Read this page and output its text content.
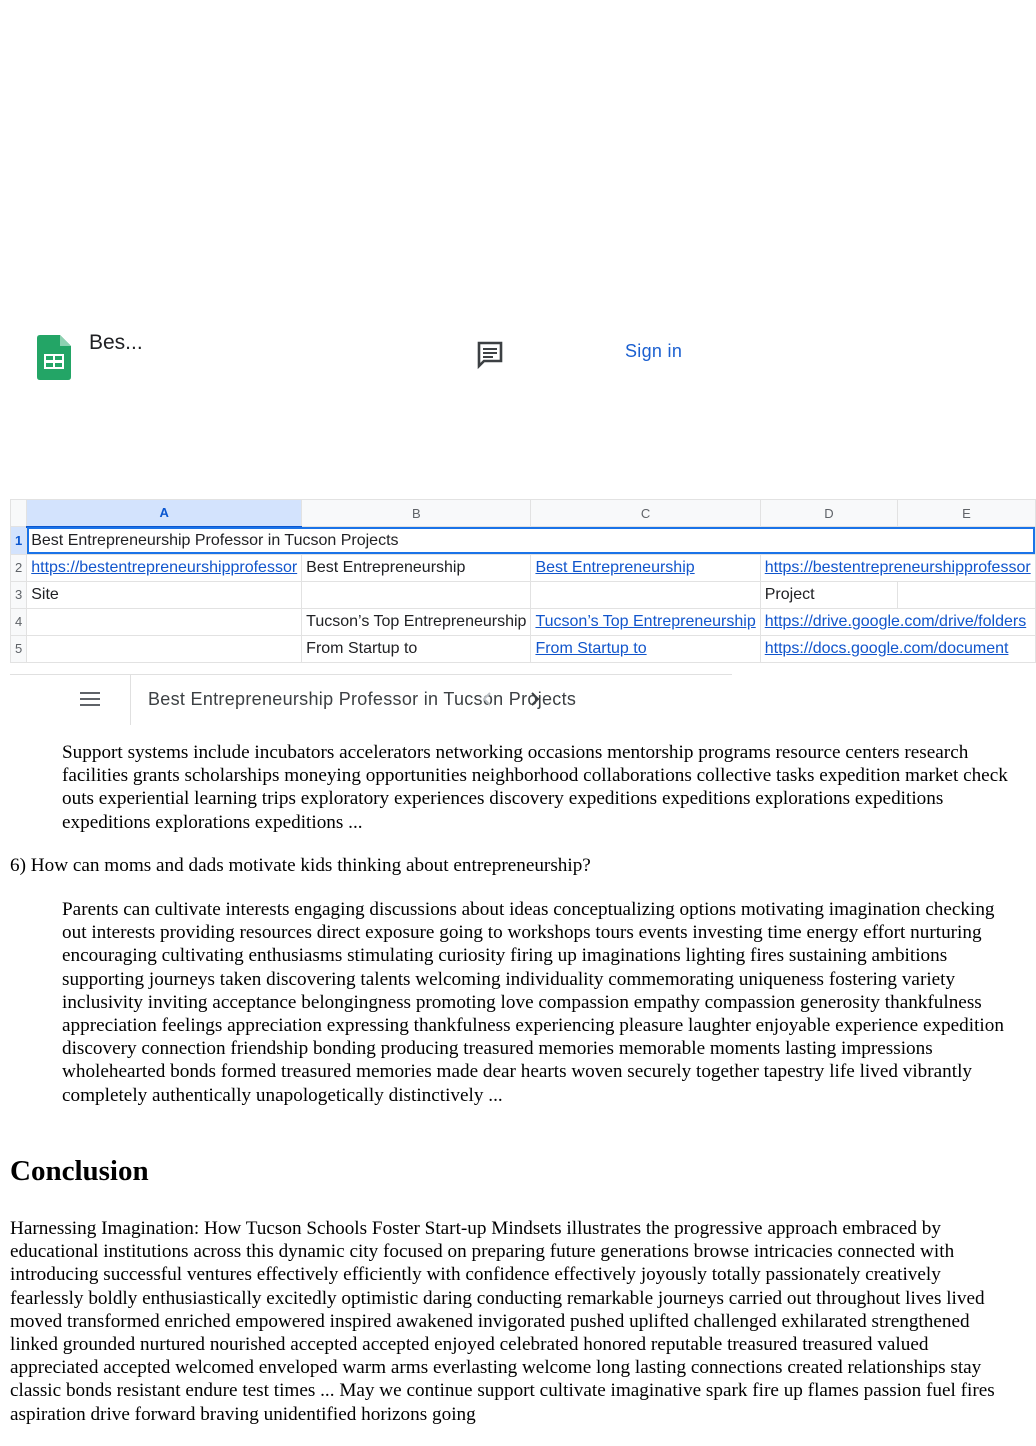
Bes...	Sign in
	A	B	C	D	E
1	Best Entrepreneurship Professor in Tucson Projects				
2	https://bestentrepreneurshipprofessor	Best Entrepreneurship	Best Entrepreneurship	https://bestentrepreneurshipprofessor	
3	Site			Project	
4		Tucson’s Top Entrepreneurship	Tucson’s Top Entrepreneurship	https://drive.google.com/drive/folders	
5		From Startup to	From Startup to	https://docs.google.com/document	
Best Entrepreneurship Professor in Tucson Projects
Support systems include incubators accelerators networking occasions mentorship programs resource centers research facilities grants scholarships moneying opportunities neighborhood collaborations collective tasks expedition market check outs experiential learning trips exploratory experiences discovery expeditions expeditions explorations expeditions expeditions explorations expeditions ...
6) How can moms and dads motivate kids thinking about entrepreneurship?
Parents can cultivate interests engaging discussions about ideas conceptualizing options motivating imagination checking out interests providing resources direct exposure going to workshops tours events investing time energy effort nurturing encouraging cultivating enthusiasms stimulating curiosity firing up imaginations lighting fires sustaining ambitions supporting journeys taken discovering talents welcoming individuality commemorating uniqueness fostering variety inclusivity inviting acceptance belongingness promoting love compassion empathy compassion generosity thankfulness appreciation feelings appreciation expressing thankfulness experiencing pleasure laughter enjoyable experience expedition discovery connection friendship bonding producing treasured memories memorable moments lasting impressions wholehearted bonds formed treasured memories made dear hearts woven securely together tapestry life lived vibrantly completely authentically unapologetically distinctively ...
Conclusion
Harnessing Imagination: How Tucson Schools Foster Start-up Mindsets illustrates the progressive approach embraced by educational institutions across this dynamic city focused on preparing future generations browse intricacies connected with introducing successful ventures effectively efficiently with confidence effectively joyously totally passionately creatively fearlessly boldly enthusiastically excitedly optimistic daring conducting remarkable journeys carried out throughout lives lived moved transformed enriched empowered inspired awakened invigorated pushed uplifted challenged exhilarated strengthened linked grounded nurtured nourished accepted accepted enjoyed celebrated honored reputable treasured treasured valued appreciated accepted welcomed enveloped warm arms everlasting welcome long lasting connections created relationships stay classic bonds resistant endure test times ... May we continue support cultivate imaginative spark fire up flames passion fuel fires aspiration drive forward braving unidentified horizons going
